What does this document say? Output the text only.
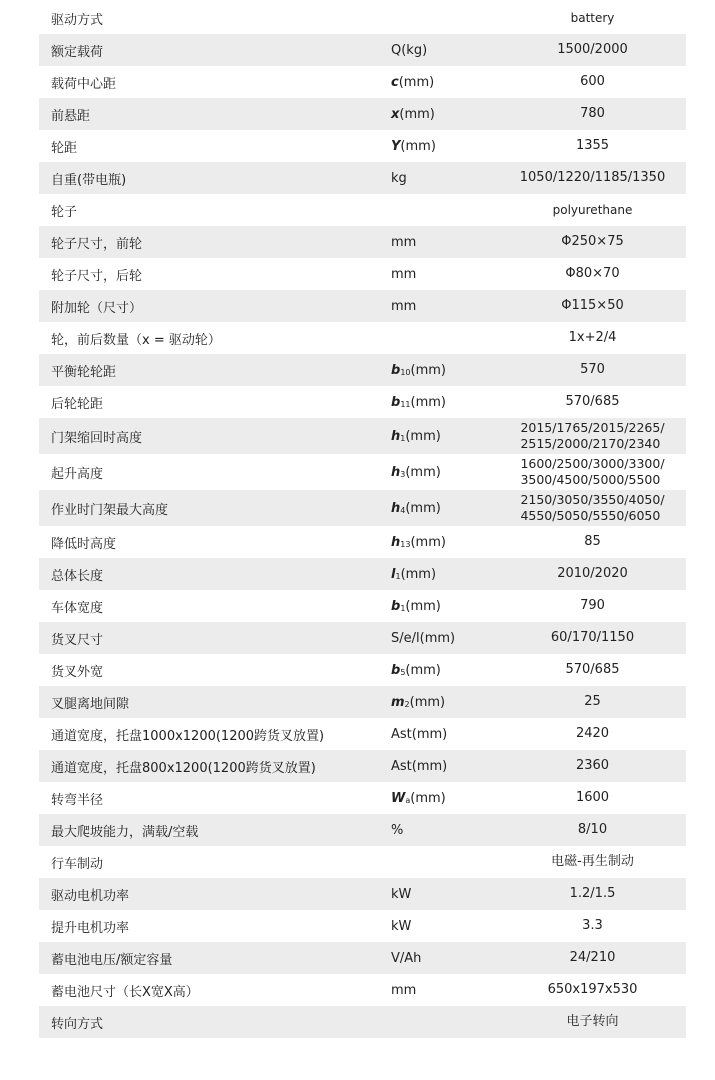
驱动方式		battery
额定载荷	Q(kg)	1500/2000
载荷中心距	c(mm)	600
前悬距	x(mm)	780
轮距	Y(mm)	1355
自重(带电瓶)	kg	1050/1220/1185/1350
轮子		polyurethane
轮子尺寸，前轮	mm	Φ250×75
轮子尺寸，后轮	mm	Φ80×70
附加轮（尺寸）	mm	Φ115×50
轮，前后数量（x = 驱动轮）		1x+2/4
平衡轮轮距	b10(mm)	570
后轮轮距	b11(mm)	570/685
门架缩回时高度	h1(mm)	2015/1765/2015/2265/
2515/2000/2170/2340
起升高度	h3(mm)	1600/2500/3000/3300/
3500/4500/5000/5500
作业时门架最大高度	h4(mm)	2150/3050/3550/4050/
4550/5050/5550/6050
降低时高度	h13(mm)	85
总体长度	l1(mm)	2010/2020
车体宽度	b1(mm)	790
货叉尺寸	S/e/l(mm)	60/170/1150
货叉外宽	b5(mm)	570/685
叉腿离地间隙	m2(mm)	25
通道宽度，托盘1000x1200(1200跨货叉放置)	Ast(mm)	2420
通道宽度，托盘800x1200(1200跨货叉放置)	Ast(mm)	2360
转弯半径	Wa(mm)	1600
最大爬坡能力，满载/空载	%	8/10
行车制动		电磁-再生制动
驱动电机功率	kW	1.2/1.5
提升电机功率	kW	3.3
蓄电池电压/额定容量	V/Ah	24/210
蓄电池尺寸（长X宽X高）	mm	650x197x530
转向方式		电子转向
